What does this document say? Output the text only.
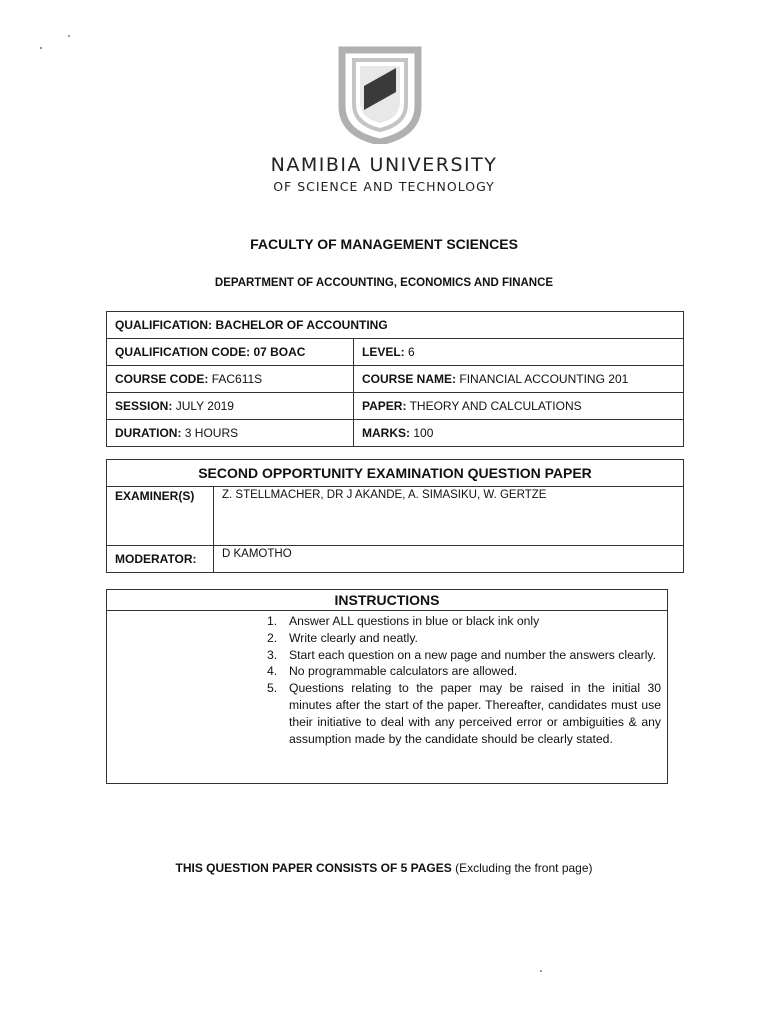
NAMIBIA UNIVERSITY
OF SCIENCE AND TECHNOLOGY
FACULTY OF MANAGEMENT SCIENCES
DEPARTMENT OF ACCOUNTING, ECONOMICS AND FINANCE
QUALIFICATION: BACHELOR OF ACCOUNTING	
QUALIFICATION CODE: 07 BOAC	LEVEL: 6
COURSE CODE: FAC611S	COURSE NAME: FINANCIAL ACCOUNTING 201
SESSION: JULY 2019	PAPER: THEORY AND CALCULATIONS
DURATION: 3 HOURS	MARKS: 100
SECOND OPPORTUNITY EXAMINATION QUESTION PAPER	
EXAMINER(S)	Z. STELLMACHER, DR J AKANDE, A. SIMASIKU, W. GERTZE
MODERATOR:	D KAMOTHO
INSTRUCTIONS

1. Answer ALL questions in blue or black ink only
2. Write clearly and neatly.
3. Start each question on a new page and number the answers clearly.
4. No programmable calculators are allowed.
5. Questions relating to the paper may be raised in the initial 30 minutes after the start of the paper. Thereafter, candidates must use their initiative to deal with any perceived error or ambiguities & any assumption made by the candidate should be clearly stated.
THIS QUESTION PAPER CONSISTS OF 5 PAGES (Excluding the front page)
